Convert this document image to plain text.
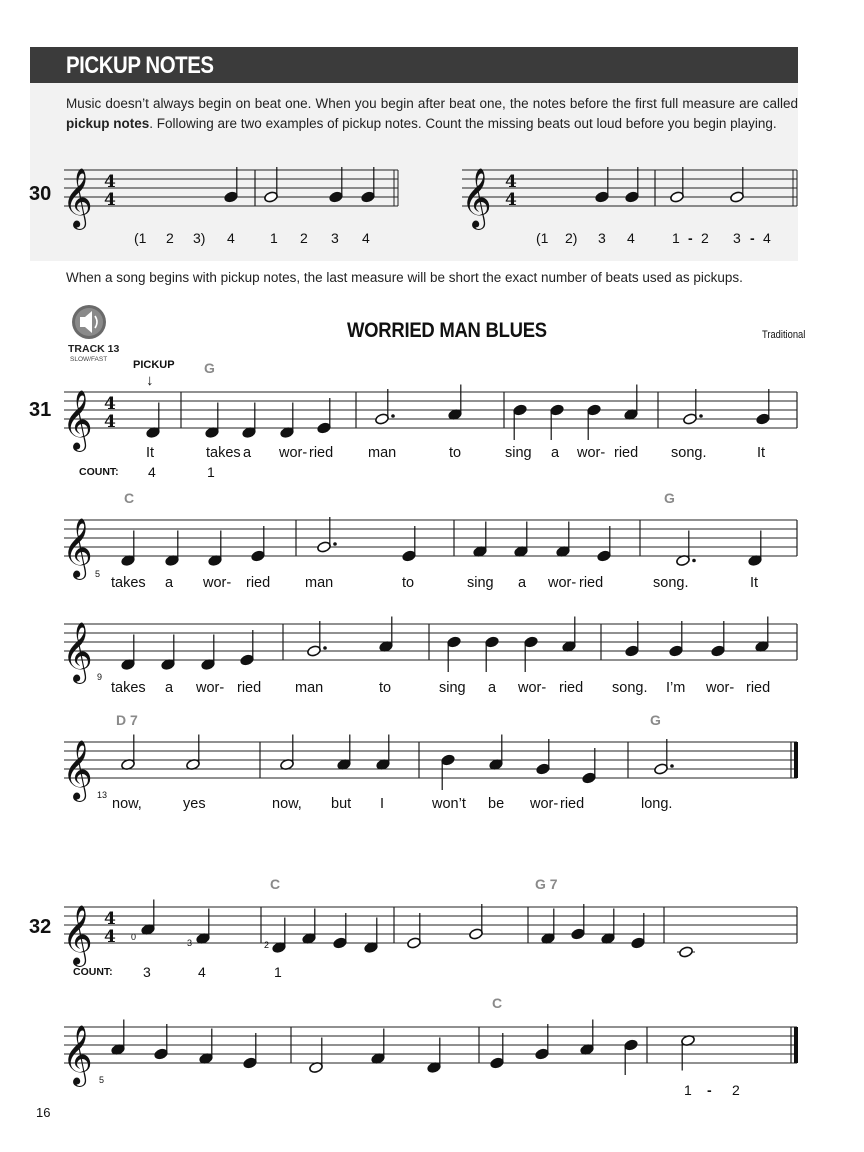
PICKUP NOTES
Music doesn’t always begin on beat one. When you begin after beat one, the notes before the first full measure are called pickup notes. Following are two examples of pickup notes. Count the missing beats out loud before you begin playing.
When a song begins with pickup notes, the last measure will be short the exact number of beats used as pickups.
WORRIED MAN BLUES	Traditional
TRACK 13
SLOW/FAST
16
30 𝄞 4
4
(1 2 3) 4	1 2 3 4
𝄞 4
4
(1 2) 3 4	1 - 2 3 - 4
31
PICKUP
↓
G
𝄞 4
4
It	takes a wor- ried man	to	sing a wor- ried song.	It
COUNT: 4	1
C	G
𝄞 5
takes a wor- ried man	to	sing a wor- ried	song.	It
𝄞 9
takes a wor- ried man	to	sing a wor- ried song. I’m wor- ried
D 7	G
𝄞 13
now,	yes	now, but I	won’t be wor- ried	long.
32
C	G 7
𝄞 4
4 0
3	2
COUNT: 3	4	1
C
𝄞 5
1 - 2
